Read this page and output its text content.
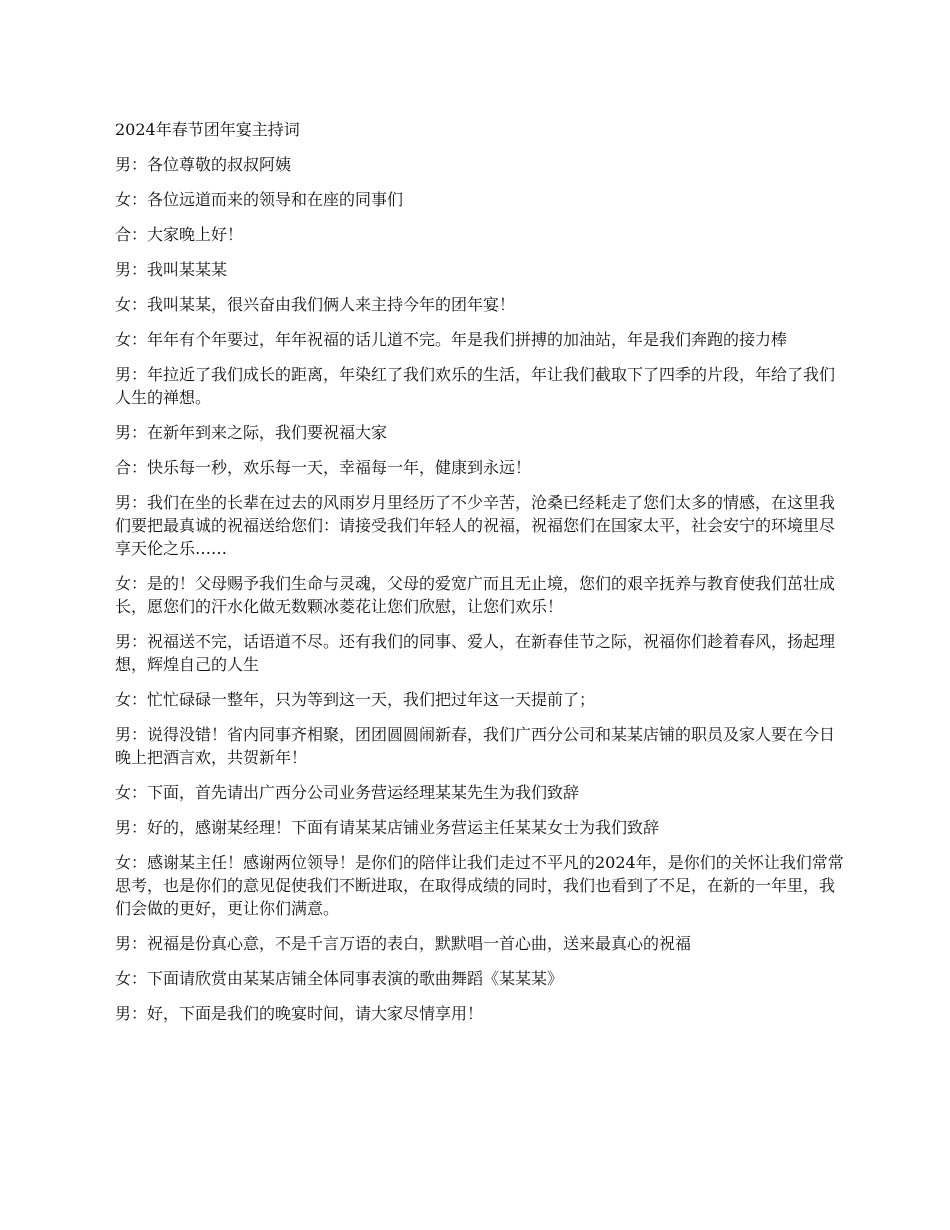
2024年春节团年宴主持词
男：各位尊敬的叔叔阿姨
女：各位远道而来的领导和在座的同事们
合：大家晚上好！
男：我叫某某某
女：我叫某某，很兴奋由我们俩人来主持今年的团年宴！
女：年年有个年要过，年年祝福的话儿道不完。年是我们拼搏的加油站，年是我们奔跑的接力棒
男：年拉近了我们成长的距离，年染红了我们欢乐的生活，年让我们截取下了四季的片段，年给了我们人生的禅想。
男：在新年到来之际，我们要祝福大家
合：快乐每一秒，欢乐每一天，幸福每一年，健康到永远！
男：我们在坐的长辈在过去的风雨岁月里经历了不少辛苦，沧桑已经耗走了您们太多的情感，在这里我们要把最真诚的祝福送给您们：请接受我们年轻人的祝福，祝福您们在国家太平，社会安宁的环境里尽享天伦之乐……
女：是的！父母赐予我们生命与灵魂，父母的爱宽广而且无止境，您们的艰辛抚养与教育使我们茁壮成长，愿您们的汗水化做无数颗冰菱花让您们欣慰，让您们欢乐！
男：祝福送不完，话语道不尽。还有我们的同事、爱人，在新春佳节之际，祝福你们趁着春风，扬起理想，辉煌自己的人生
女：忙忙碌碌一整年，只为等到这一天，我们把过年这一天提前了；
男：说得没错！省内同事齐相聚，团团圆圆闹新春，我们广西分公司和某某店铺的职员及家人要在今日晚上把酒言欢，共贺新年！
女：下面，首先请出广西分公司业务营运经理某某先生为我们致辞
男：好的，感谢某经理！下面有请某某店铺业务营运主任某某女士为我们致辞
女：感谢某主任！感谢两位领导！是你们的陪伴让我们走过不平凡的2024年，是你们的关怀让我们常常思考，也是你们的意见促使我们不断进取，在取得成绩的同时，我们也看到了不足，在新的一年里，我们会做的更好，更让你们满意。
男：祝福是份真心意，不是千言万语的表白，默默唱一首心曲，送来最真心的祝福
女：下面请欣赏由某某店铺全体同事表演的歌曲舞蹈《某某某》
男：好，下面是我们的晚宴时间，请大家尽情享用！
